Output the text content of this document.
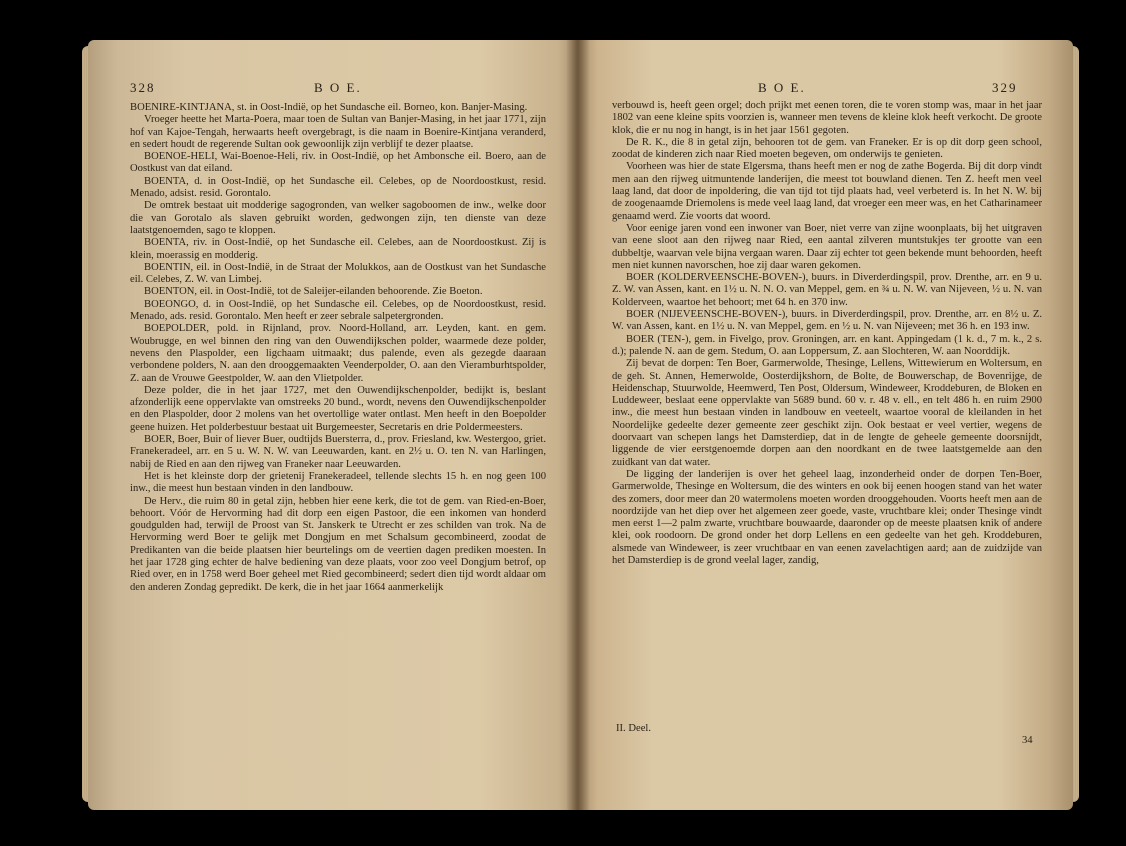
328	B O E.

BOENIRE-KINTJANA, st. in Oost-Indië, op het Sundasche eil. Borneo, kon. Banjer-Masing.

Vroeger heette het Marta-Poera, maar toen de Sultan van Banjer-Masing, in het jaar 1771, zijn hof van Kajoe-Tengah, herwaarts heeft overgebragt, is die naam in Boenire-Kintjana veranderd, en sedert houdt de regerende Sultan ook gewoonlijk zijn verblijf te dezer plaatse.

BOENOE-HELI, Wai-Boenoe-Heli, riv. in Oost-Indië, op het Ambonsche eil. Boero, aan de Oostkust van dat eiland.

BOENTA, d. in Oost-Indië, op het Sundasche eil. Celebes, op de Noordoostkust, resid. Menado, adsist. resid. Gorontalo.

De omtrek bestaat uit modderige sagogronden, van welker sagoboomen de inw., welke door die van Gorotalo als slaven gebruikt worden, gedwongen zijn, ten dienste van deze laatstgenoemden, sago te kloppen.

BOENTA, riv. in Oost-Indië, op het Sundasche eil. Celebes, aan de Noordoostkust. Zij is klein, moerassig en modderig.

BOENTIN, eil. in Oost-Indië, in de Straat der Molukkos, aan de Oostkust van het Sundasche eil. Celebes, Z. W. van Limbej.

BOENTON, eil. in Oost-Indië, tot de Saleijer-eilanden behoorende. Zie Boeton.

BOEONGO, d. in Oost-Indië, op het Sundasche eil. Celebes, op de Noordoostkust, resid. Menado, ads. resid. Gorontalo. Men heeft er zeer sebrale salpetergronden.

BOEPOLDER, pold. in Rijnland, prov. Noord-Holland, arr. Leyden, kant. en gem. Woubrugge, en wel binnen den ring van den Ouwendijkschen polder, waarmede deze polder, nevens den Plaspolder, een ligchaam uitmaakt; dus palende, even als gezegde daaraan verbondene polders, N. aan den drooggemaakten Veenderpolder, O. aan den Vieramburhtspolder, Z. aan de Vrouwe Geestpolder, W. aan den Vlietpolder.

Deze polder, die in het jaar 1727, met den Ouwendijkschenpolder, bedijkt is, beslant afzonderlijk eene oppervlakte van omstreeks 20 bund., wordt, nevens den Ouwendijkschenpolder en den Plaspolder, door 2 molens van het overtollige water ontlast. Men heeft in den Boepolder geene huizen. Het polderbestuur bestaat uit Burgemeester, Secretaris en drie Poldermeesters.

BOER, Boer, Buir of liever Buer, oudtijds Buersterra, d., prov. Friesland, kw. Westergoo, griet. Franekeradeel, arr. en 5 u. W. N. W. van Leeuwarden, kant. en 2½ u. O. ten N. van Harlingen, nabij de Ried en aan den rijweg van Franeker naar Leeuwarden.

Het is het kleinste dorp der grietenij Franekeradeel, tellende slechts 15 h. en nog geen 100 inw., die meest hun bestaan vinden in den landbouw.

De Herv., die ruim 80 in getal zijn, hebben hier eene kerk, die tot de gem. van Ried-en-Boer, behoort. Vóór de Hervorming had dit dorp een eigen Pastoor, die een inkomen van honderd goudgulden had, terwijl de Proost van St. Janskerk te Utrecht er zes schilden van trok. Na de Hervorming werd Boer te gelijk met Dongjum en met Schalsum gecombineerd, zoodat de Predikanten van die beide plaatsen hier beurtelings om de veertien dagen prediken moesten. In het jaar 1728 ging echter de halve bediening van deze plaats, voor zoo veel Dongjum betrof, op Ried over, en in 1758 werd Boer geheel met Ried gecombineerd; sedert dien tijd wordt aldaar om den anderen Zondag gepredikt. De kerk, die in het jaar 1664 aanmerkelijk

B O E.	329

verbouwd is, heeft geen orgel; doch prijkt met eenen toren, die te voren stomp was, maar in het jaar 1802 van eene kleine spits voorzien is, wanneer men tevens de kleine klok heeft verkocht. De groote klok, die er nu nog in hangt, is in het jaar 1561 gegoten.

De R. K., die 8 in getal zijn, behooren tot de gem. van Franeker. Er is op dit dorp geen school, zoodat de kinderen zich naar Ried moeten begeven, om onderwijs te genieten.

Voorheen was hier de state Elgersma, thans heeft men er nog de zathe Bogerda. Bij dit dorp vindt men aan den rijweg uitmuntende landerijen, die meest tot bouwland dienen. Ten Z. heeft men veel laag land, dat door de inpoldering, die van tijd tot tijd plaats had, veel verbeterd is. In het N. W. bij de zoogenaamde Driemolens is mede veel laag land, dat vroeger een meer was, en het Catharinameer genaamd werd. Zie voorts dat woord.

Voor eenige jaren vond een inwoner van Boer, niet verre van zijne woonplaats, bij het uitgraven van eene sloot aan den rijweg naar Ried, een aantal zilveren muntstukjes ter grootte van een dubbeltje, waarvan vele bijna vergaan waren. Daar zij echter tot geen bekende munt behoorden, heeft men niet kunnen navorschen, hoe zij daar waren gekomen.

BOER (KOLDERVEENSCHE-BOVEN-), buurs. in Diverderdingspil, prov. Drenthe, arr. en 9 u. Z. W. van Assen, kant. en 1½ u. N. N. O. van Meppel, gem. en ¾ u. N. W. van Nijeveen, ½ u. N. van Kolderveen, waartoe het behoort; met 64 h. en 370 inw.

BOER (NIJEVEENSCHE-BOVEN-), buurs. in Diverderdingspil, prov. Drenthe, arr. en 8½ u. Z. W. van Assen, kant. en 1½ u. N. van Meppel, gem. en ½ u. N. van Nijeveen; met 36 h. en 193 inw.

BOER (TEN-), gem. in Fivelgo, prov. Groningen, arr. en kant. Appingedam (1 k. d., 7 m. k., 2 s. d.); palende N. aan de gem. Stedum, O. aan Loppersum, Z. aan Slochteren, W. aan Noorddijk.

Zij bevat de dorpen: Ten Boer, Garmerwolde, Thesinge, Lellens, Wittewierum en Woltersum, en de geh. St. Annen, Hemerwolde, Oosterdijkshorn, de Bolte, de Bouwerschap, de Bovenrijge, de Heidenschap, Stuurwolde, Heemwerd, Ten Post, Oldersum, Windeweer, Kroddeburen, de Bloken en Luddeweer, beslaat eene oppervlakte van 5689 bund. 60 v. r. 48 v. ell., en telt 486 h. en ruim 2900 inw., die meest hun bestaan vinden in landbouw en veeteelt, waartoe vooral de kleilanden in het Noordelijke gedeelte dezer gemeente zeer geschikt zijn. Ook bestaat er veel vertier, wegens de doorvaart van schepen langs het Damsterdiep, dat in de lengte de geheele gemeente doorsnijdt, liggende de vier eerstgenoemde dorpen aan den noordkant en de twee laatstgemelde aan den zuidkant van dat water.

De ligging der landerijen is over het geheel laag, inzonderheid onder de dorpen Ten-Boer, Garmerwolde, Thesinge en Woltersum, die des winters en ook bij eenen hoogen stand van het water des zomers, door meer dan 20 watermolens moeten worden drooggehouden. Voorts heeft men aan de noordzijde van het diep over het algemeen zeer goede, vaste, vruchtbare klei; onder Thesinge vindt men eerst 1—2 palm zwarte, vruchtbare bouwaarde, daaronder op de meeste plaatsen knik of andere klei, ook roodoorn. De grond onder het dorp Lellens en een gedeelte van het geh. Kroddeburen, alsmede van Windeweer, is zeer vruchtbaar en van eenen zavelachtigen aard; aan de zuidzijde van het Damsterdiep is de grond veelal lager, zandig,

II. Deel.
34
